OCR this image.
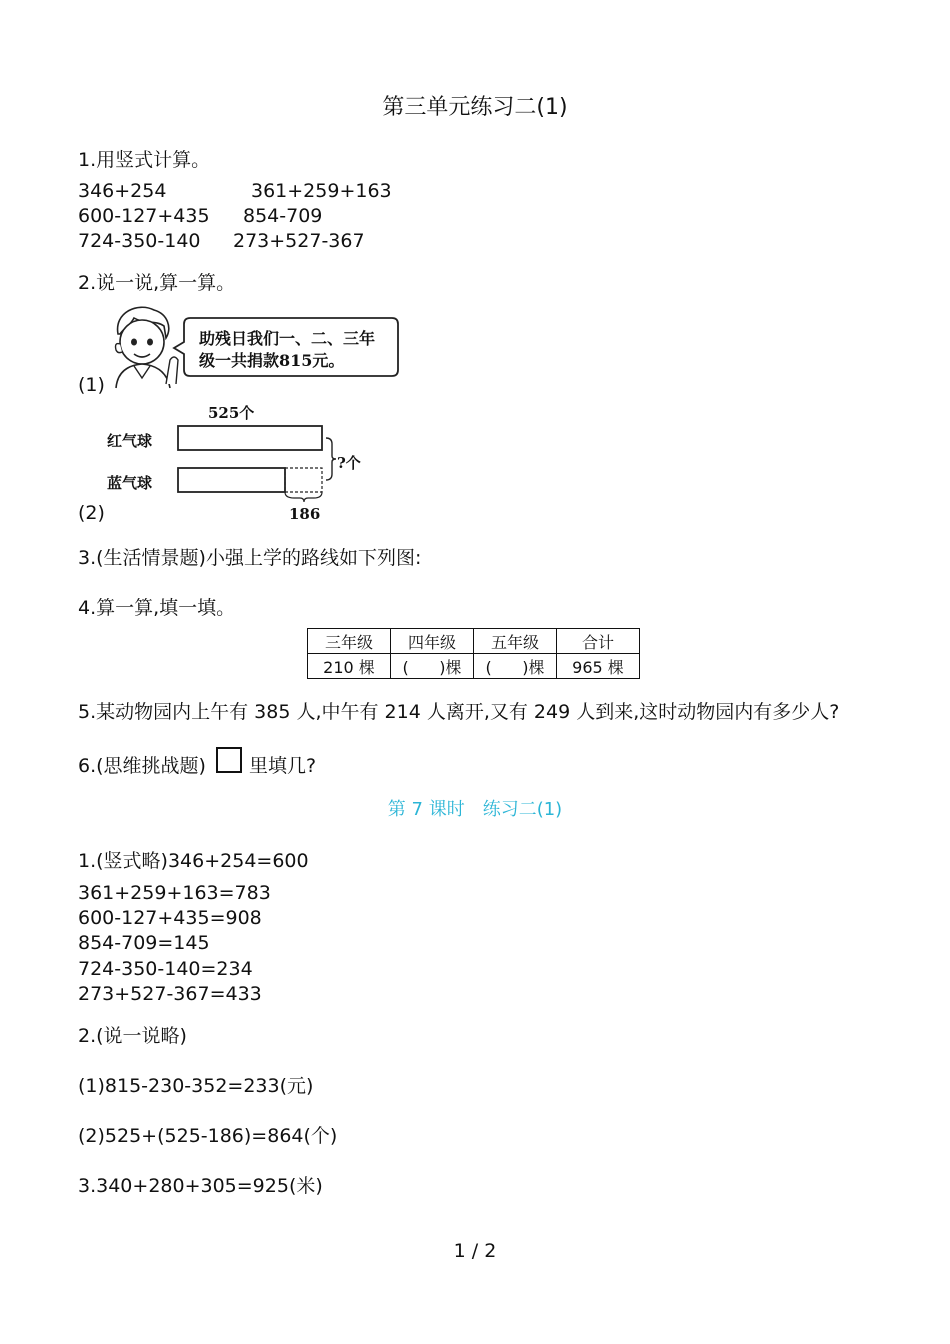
第三单元练习二(1)
1.用竖式计算。
346+254	361+259+163
600-127+435 854-709
724-350-140 273+527-367
2.说一说,算一算。
助残日我们一、二、三年
级一共捐款815元。
(1)
525个
红气球
蓝气球
?个
186
(2)
3.(生活情景题)小强上学的路线如下列图:
4.算一算,填一填。
三年级	四年级	五年级	合计
210 棵	(      )棵	(      )棵	965 棵
5.某动物园内上午有 385 人,中午有 214 人离开,又有 249 人到来,这时动物园内有多少人?
6.(思维挑战题) 里填几?
第 7 课时　练习二(1)
1.(竖式略)346+254=600
361+259+163=783
600-127+435=908
854-709=145
724-350-140=234
273+527-367=433
2.(说一说略)
(1)815-230-352=233(元)
(2)525+(525-186)=864(个)
3.340+280+305=925(米)
1 / 2
